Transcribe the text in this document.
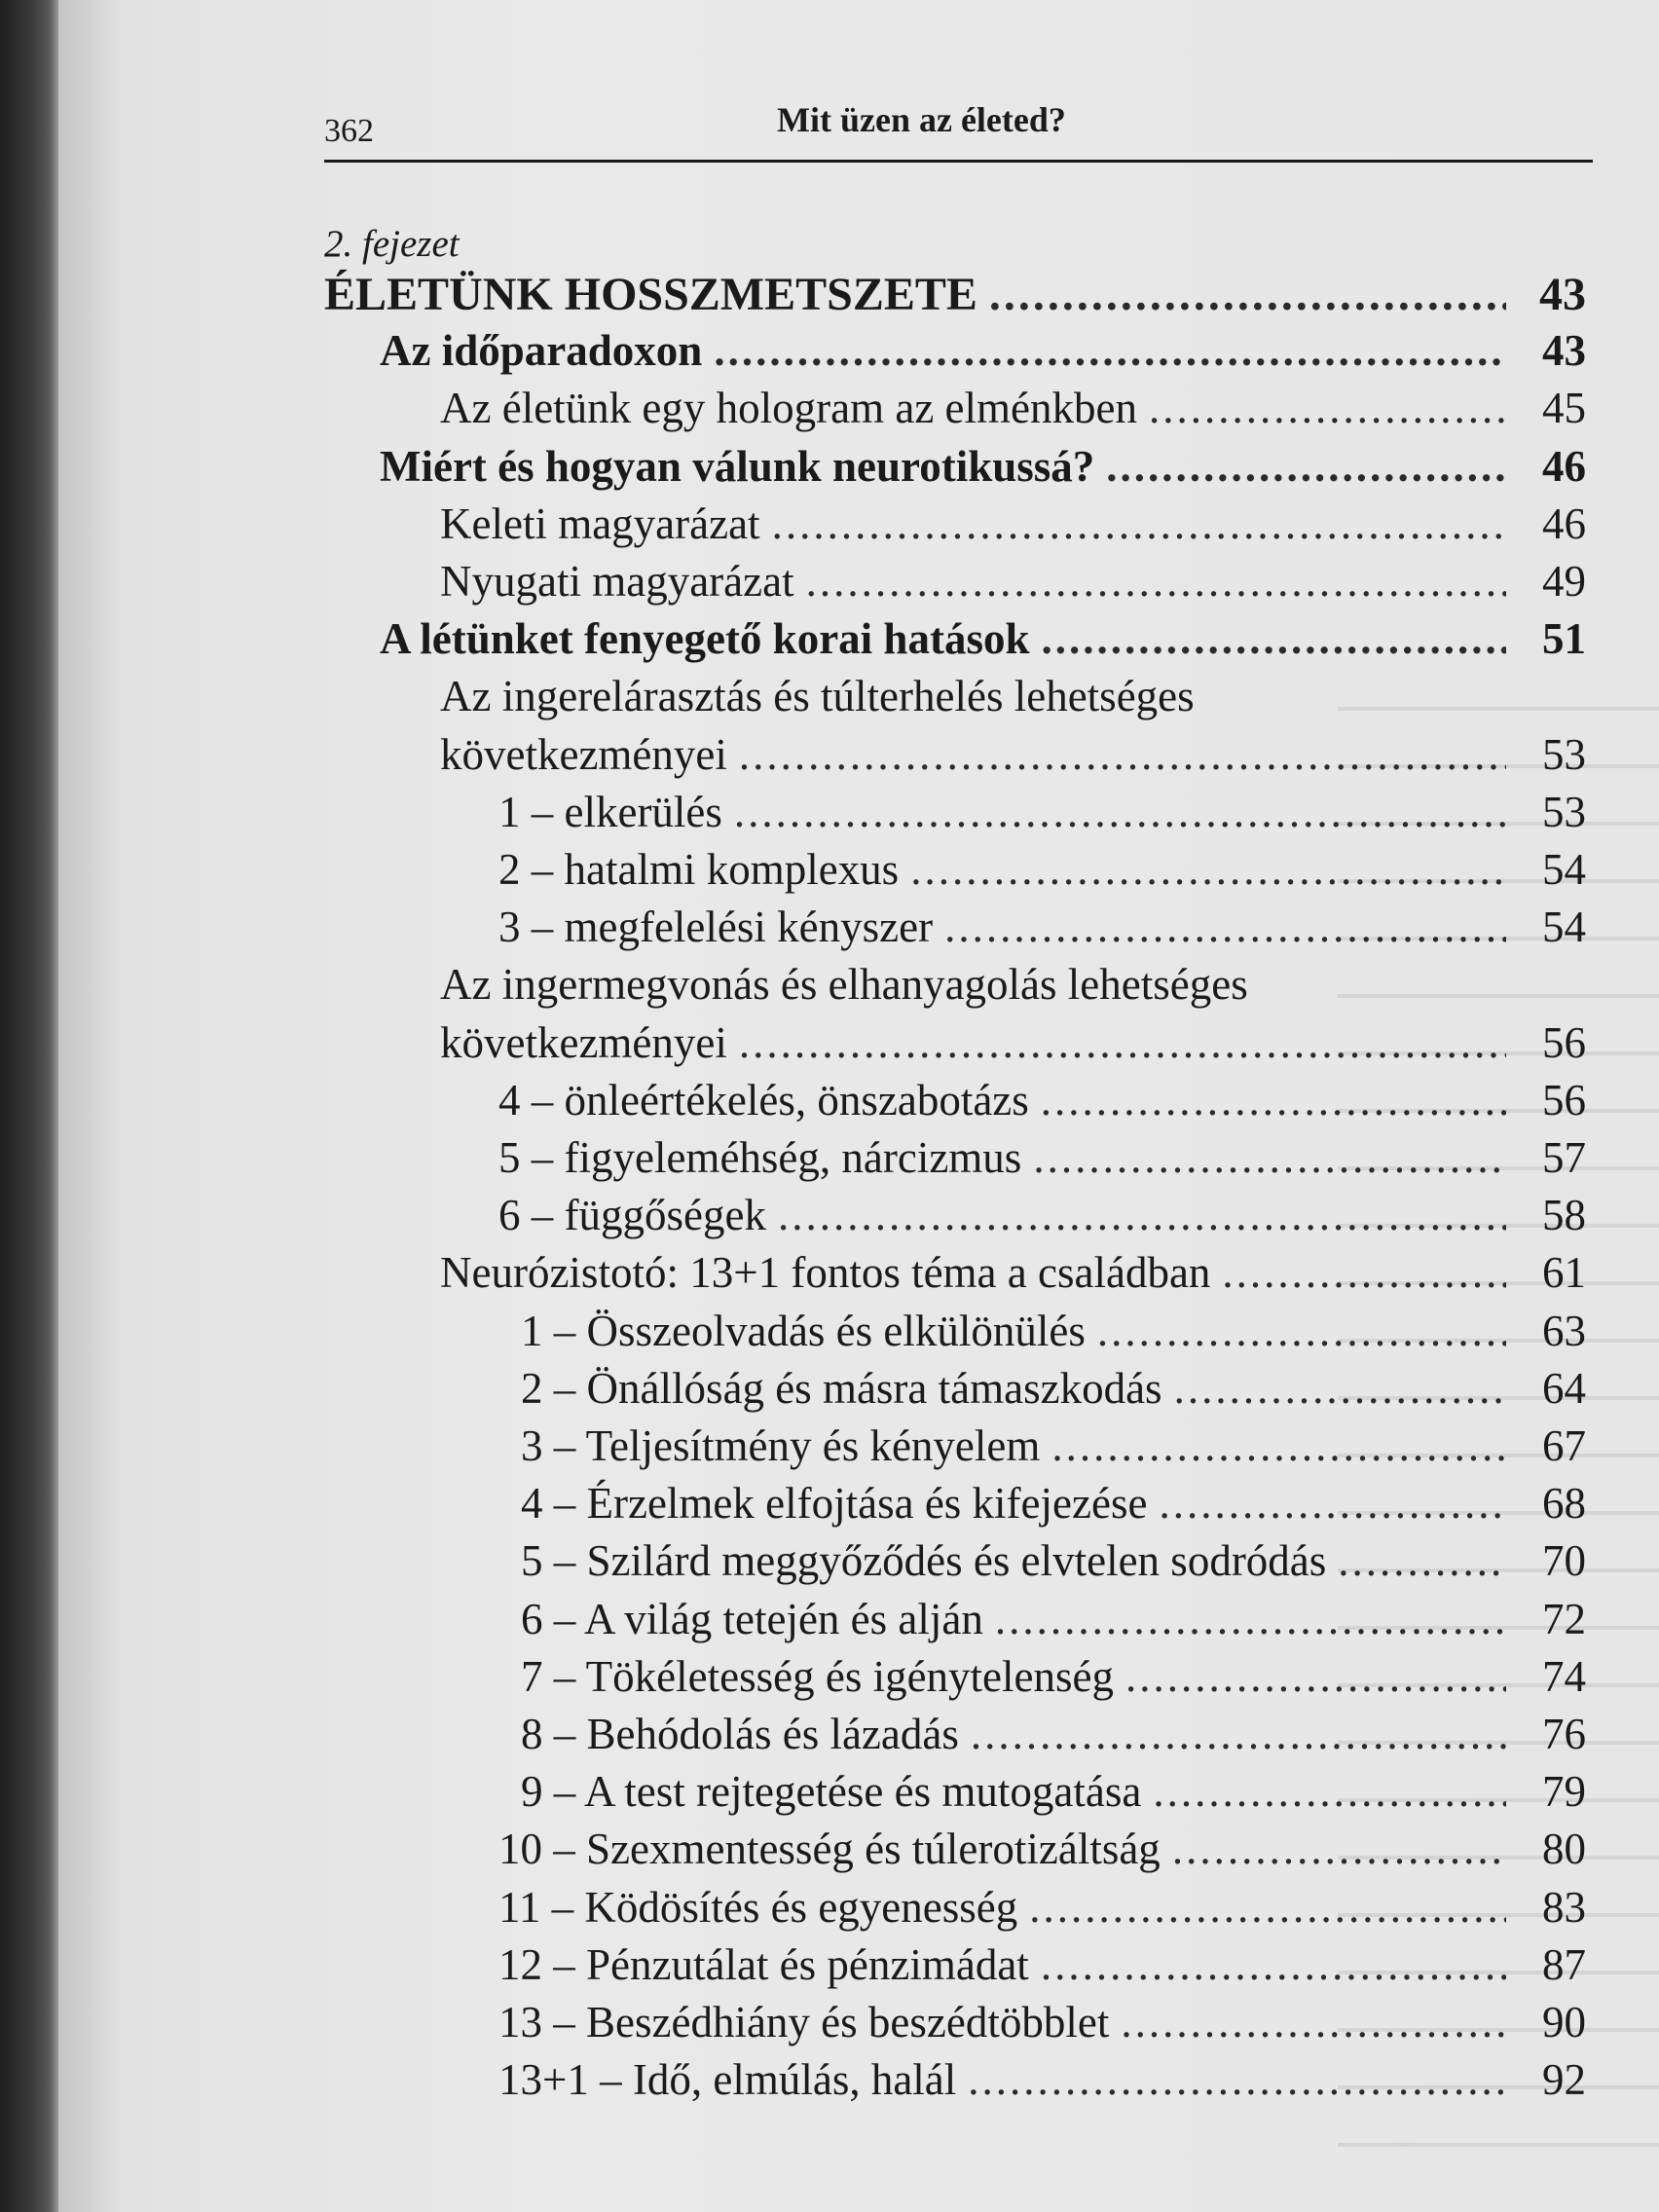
362	Mit üzen az életed?
2. fejezet
ÉLETÜNK HOSSZMETSZETE .....	43
Az időparadoxon .....	43
Az életünk egy hologram az elménkben .....	45
Miért és hogyan válunk neurotikussá? .....	46
Keleti magyarázat .....	46
Nyugati magyarázat .....	49
A létünket fenyegető korai hatások .....	51
Az ingerelárasztás és túlterhelés lehetséges
következményei .....	53
1 – elkerülés .....	53
2 – hatalmi komplexus .....	54
3 – megfelelési kényszer .....	54
Az ingermegvonás és elhanyagolás lehetséges
következményei .....	56
4 – önleértékelés, önszabotázs .....	56
5 – figyeleméhség, nárcizmus .....	57
6 – függőségek .....	58
Neurózistotó: 13+1 fontos téma a családban .....	61
1 – Összeolvadás és elkülönülés .....	63
2 – Önállóság és másra támaszkodás .....	64
3 – Teljesítmény és kényelem .....	67
4 – Érzelmek elfojtása és kifejezése .....	68
5 – Szilárd meggyőződés és elvtelen sodródás .....	70
6 – A világ tetején és alján .....	72
7 – Tökéletesség és igénytelenség .....	74
8 – Behódolás és lázadás .....	76
9 – A test rejtegetése és mutogatása .....	79
10 – Szexmentesség és túlerotizáltság .....	80
11 – Ködösítés és egyenesség .....	83
12 – Pénzutálat és pénzimádat .....	87
13 – Beszédhiány és beszédtöbblet .....	90
13+1 – Idő, elmúlás, halál .....	92
